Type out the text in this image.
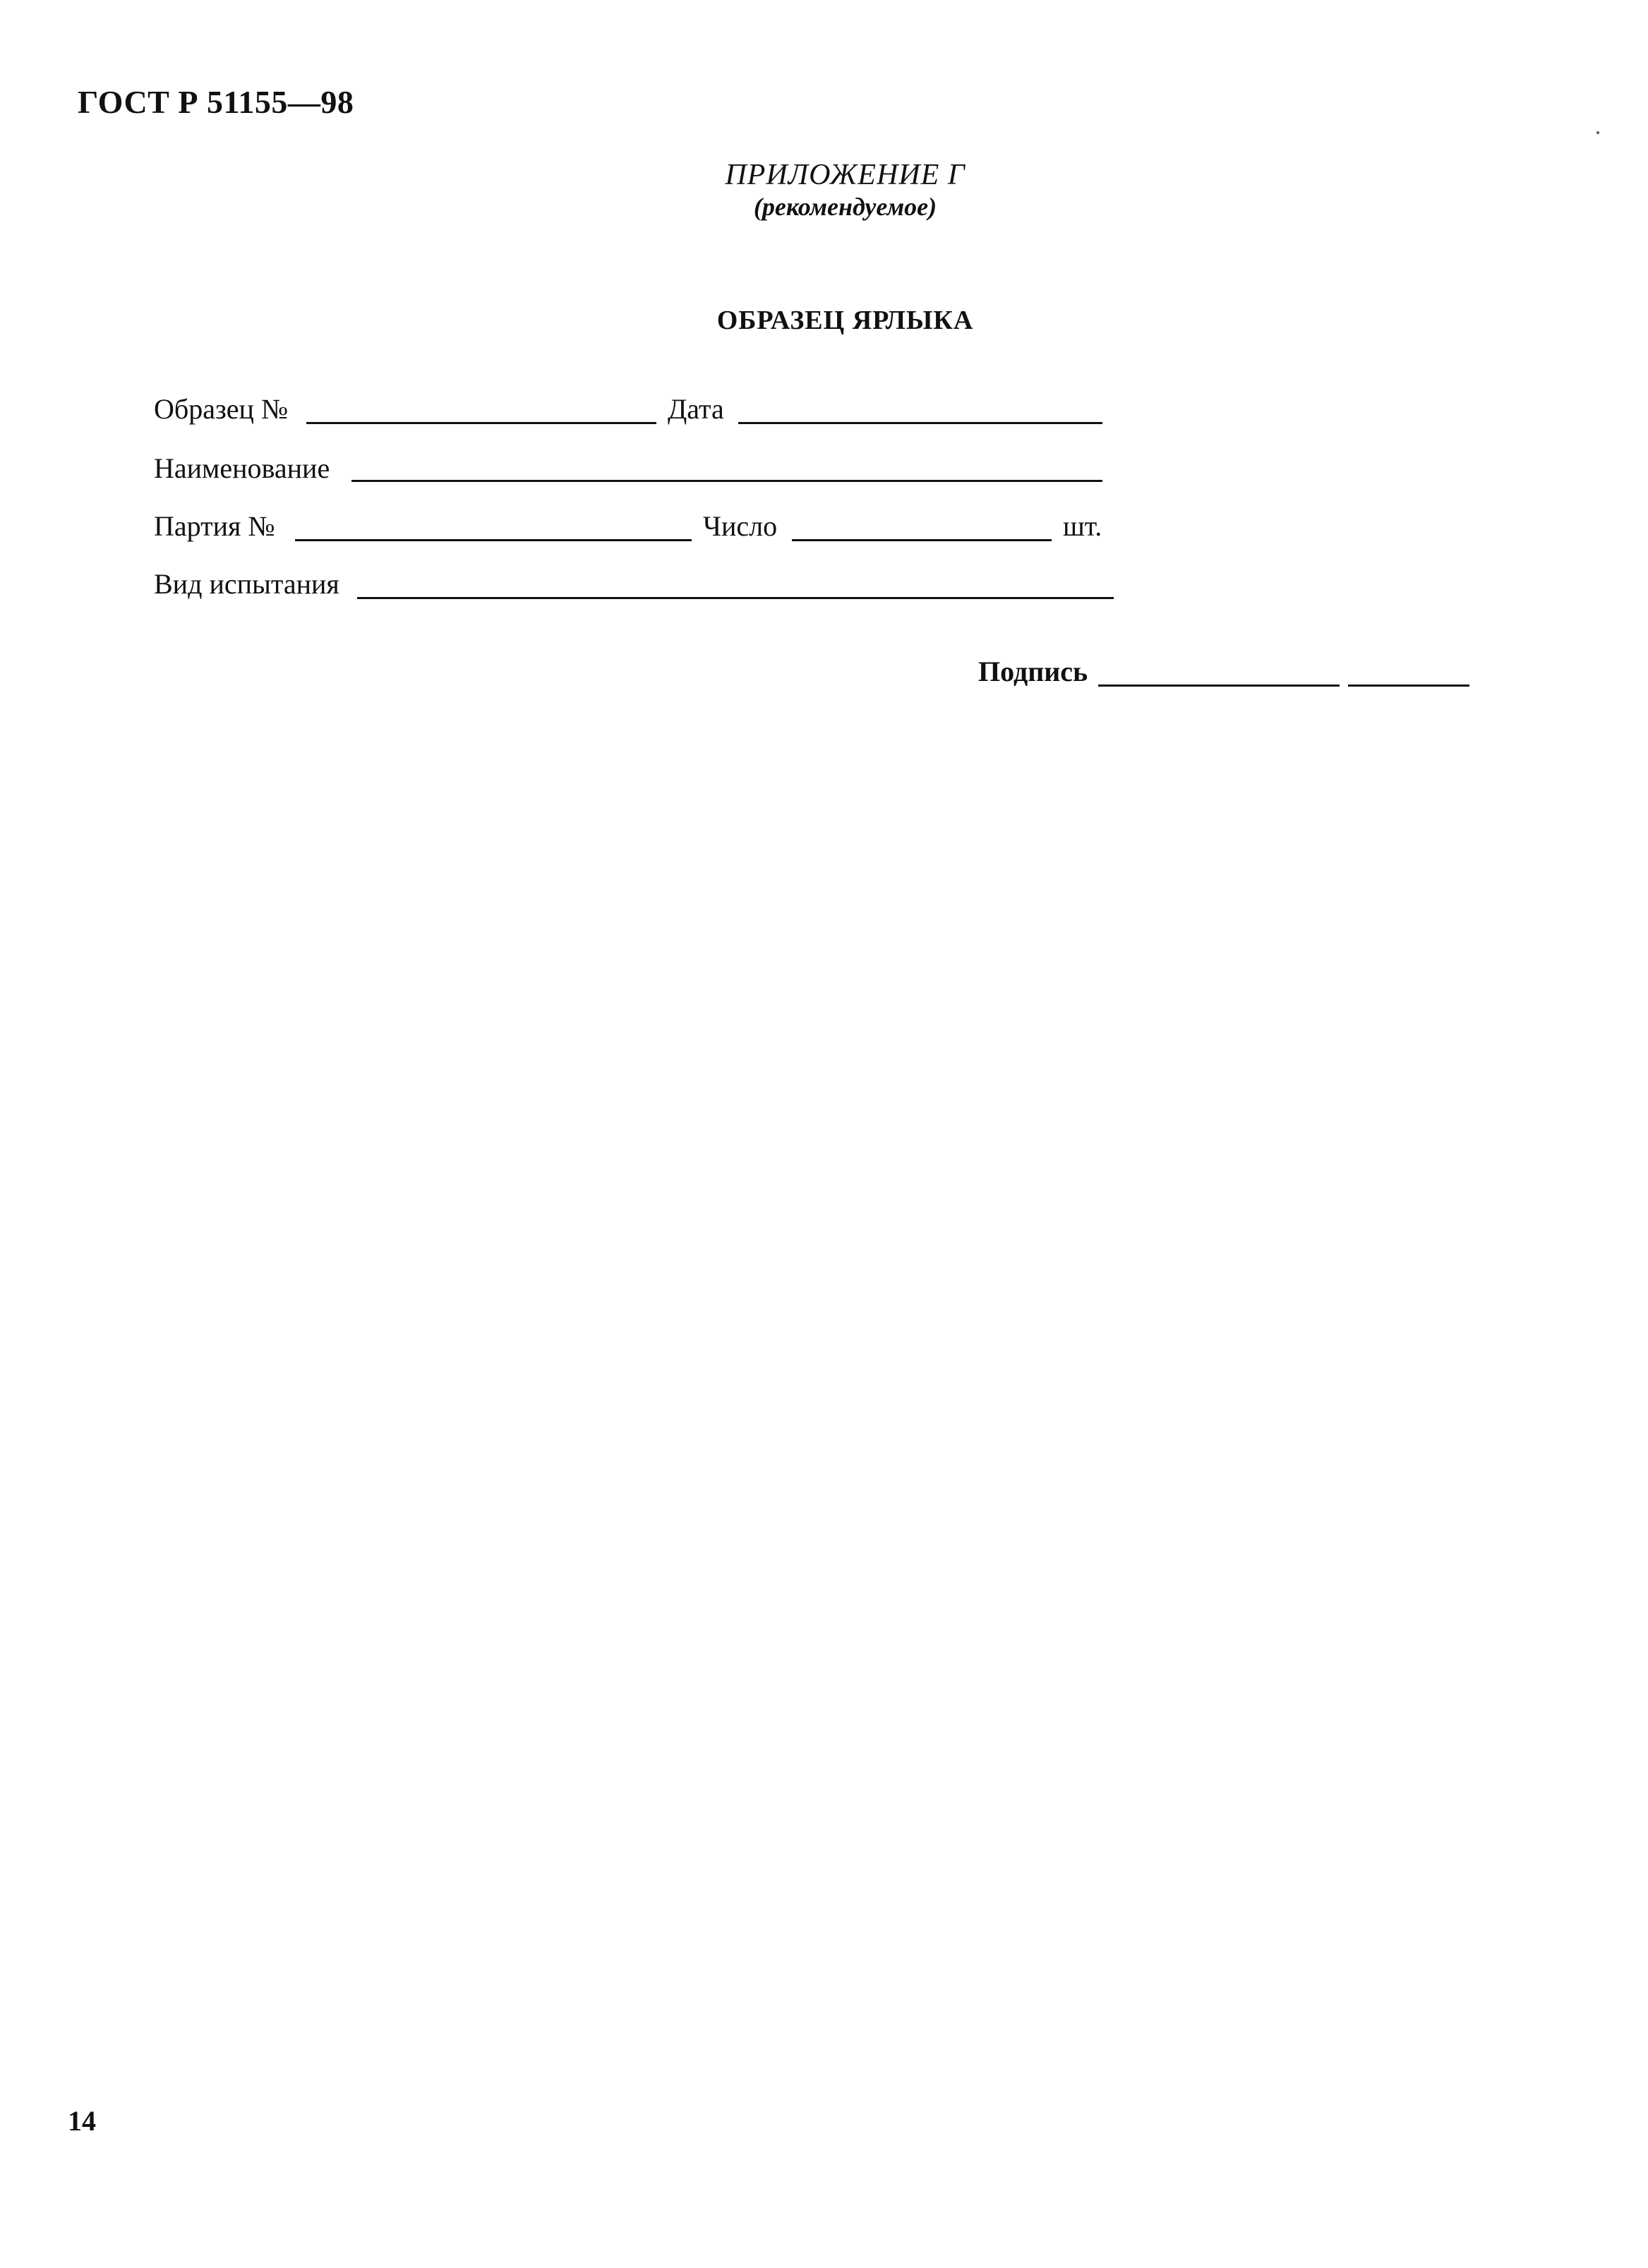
ГОСТ Р 51155—98
ПРИЛОЖЕНИЕ Г
(рекомендуемое)
ОБРАЗЕЦ ЯРЛЫКА
Образец №	Дата
Наименование
Партия №	Число	шт.
Вид испытания
Подпись
14
